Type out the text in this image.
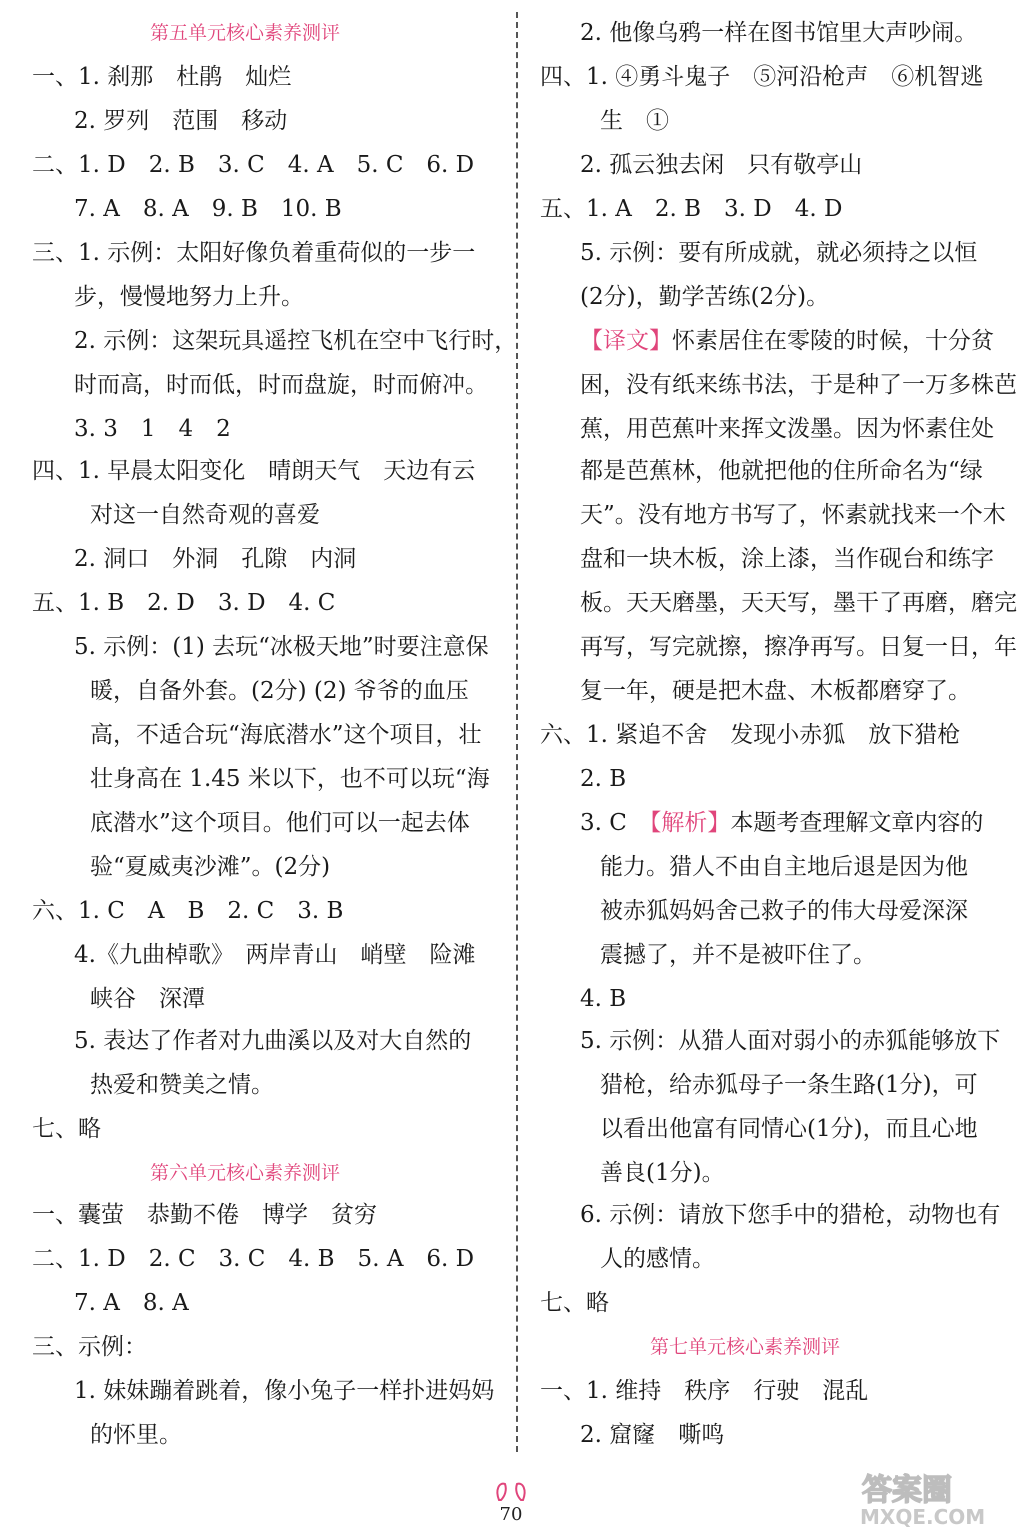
第五单元核心素养测评
一、1. 刹那　杜鹃　灿烂
2. 罗列　范围　移动
二、1. D　2. B　3. C　4. A　5. C　6. D
7. A　8. A　9. B　10. B
三、1. 示例：太阳好像负着重荷似的一步一
步，慢慢地努力上升。
2. 示例：这架玩具遥控飞机在空中飞行时，
时而高，时而低，时而盘旋，时而俯冲。
3. 3　1　4　2
四、1. 早晨太阳变化　晴朗天气　天边有云
对这一自然奇观的喜爱
2. 洞口　外洞　孔隙　内洞
五、1. B　2. D　3. D　4. C
5. 示例：(1) 去玩“冰极天地”时要注意保
暖，自备外套。(2分) (2) 爷爷的血压
高，不适合玩“海底潜水”这个项目，壮
壮身高在 1.45 米以下，也不可以玩“海
底潜水”这个项目。他们可以一起去体
验“夏威夷沙滩”。(2分)
六、1. C　A　B　2. C　3. B
4.《九曲棹歌》　两岸青山　峭壁　险滩
峡谷　深潭
5. 表达了作者对九曲溪以及对大自然的
热爱和赞美之情。
七、略
第六单元核心素养测评
一、囊萤　恭勤不倦　博学　贫穷
二、1. D　2. C　3. C　4. B　5. A　6. D
7. A　8. A
三、示例：
1. 妹妹蹦着跳着，像小兔子一样扑进妈妈
的怀里。
2. 他像乌鸦一样在图书馆里大声吵闹。
四、1. ④勇斗鬼子　⑤河沿枪声　⑥机智逃
生　①
2. 孤云独去闲　只有敬亭山
五、1. A　2. B　3. D　4. D
5. 示例：要有所成就，就必须持之以恒
(2分)，勤学苦练(2分)。
【译文】怀素居住在零陵的时候，十分贫
困，没有纸来练书法，于是种了一万多株芭
蕉，用芭蕉叶来挥文泼墨。因为怀素住处
都是芭蕉林，他就把他的住所命名为“绿
天”。没有地方书写了，怀素就找来一个木
盘和一块木板，涂上漆，当作砚台和练字
板。天天磨墨，天天写，墨干了再磨，磨完
再写，写完就擦，擦净再写。日复一日，年
复一年，硬是把木盘、木板都磨穿了。
六、1. 紧追不舍　发现小赤狐　放下猎枪
2. B
3. C　【解析】本题考查理解文章内容的
能力。猎人不由自主地后退是因为他
被赤狐妈妈舍己救子的伟大母爱深深
震撼了，并不是被吓住了。
4. B
5. 示例：从猎人面对弱小的赤狐能够放下
猎枪，给赤狐母子一条生路(1分)，可
以看出他富有同情心(1分)，而且心地
善良(1分)。
6. 示例：请放下您手中的猎枪，动物也有
人的感情。
七、略
第七单元核心素养测评
一、1. 维持　秩序　行驶　混乱
2. 窟窿　嘶鸣
70
答案圈
MXQE.COM
